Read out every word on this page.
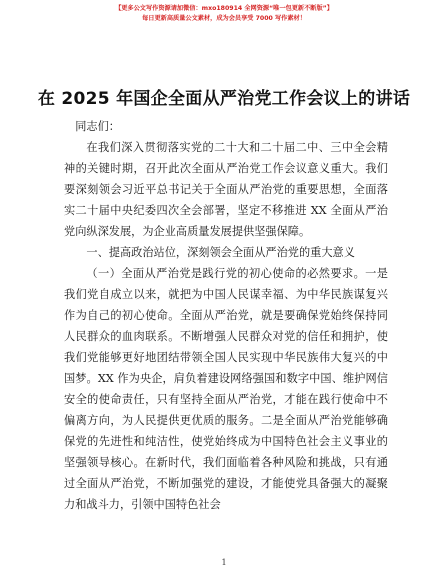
【更多公文写作资源请加微信：mxo180914 全网资源“唯一包更新不断版”】
每日更新高质量公文素材，成为会员享受 7000 写作素材！
在 2025 年国企全面从严治党工作会议上的讲话

同志们：

在我们深入贯彻落实党的二十大和二十届二中、三中全会精神的关键时期，召开此次全面从严治党工作会议意义重大。我们要深刻领会习近平总书记关于全面从严治党的重要思想，全面落实二十届中央纪委四次全会部署，坚定不移推进 XX 全面从严治党向纵深发展，为企业高质量发展提供坚强保障。

一、提高政治站位，深刻领会全面从严治党的重大意义

（一）全面从严治党是践行党的初心使命的必然要求。一是我们党自成立以来，就把为中国人民谋幸福、为中华民族谋复兴作为自己的初心使命。全面从严治党，就是要确保党始终保持同人民群众的血肉联系。不断增强人民群众对党的信任和拥护，使我们党能够更好地团结带领全国人民实现中华民族伟大复兴的中国梦。XX 作为央企，肩负着建设网络强国和数字中国、维护网信安全的使命责任，只有坚持全面从严治党，才能在践行使命中不偏离方向，为人民提供更优质的服务。二是全面从严治党能够确保党的先进性和纯洁性，使党始终成为中国特色社会主义事业的坚强领导核心。在新时代，我们面临着各种风险和挑战，只有通过全面从严治党，不断加强党的建设，才能使党具备强大的凝聚力和战斗力，引领中国特色社会

1
